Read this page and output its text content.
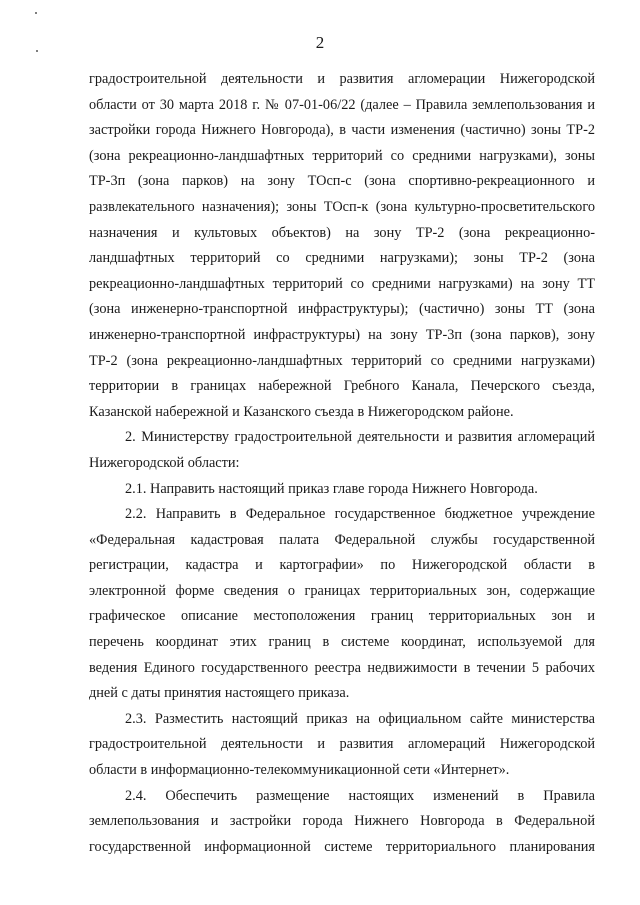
2
градостроительной деятельности и развития агломерации Нижегородской
области от 30 марта 2018 г. № 07-01-06/22 (далее – Правила землепользования и
застройки города Нижнего Новгорода), в части изменения (частично) зоны ТР-2
(зона рекреационно-ландшафтных территорий со средними нагрузками), зоны
ТР-3п (зона парков) на зону ТОсп-с (зона спортивно-рекреационного и
развлекательного назначения); зоны ТОсп-к (зона культурно-просветительского
назначения и культовых объектов) на зону ТР-2 (зона рекреационно-
ландшафтных территорий со средними нагрузками); зоны ТР-2 (зона
рекреационно-ландшафтных территорий со средними нагрузками) на зону ТТ
(зона инженерно-транспортной инфраструктуры); (частично) зоны ТТ (зона
инженерно-транспортной инфраструктуры) на зону ТР-3п (зона парков), зону
ТР-2 (зона рекреационно-ландшафтных территорий со средними нагрузками)
территории в границах набережной Гребного Канала, Печерского съезда,
Казанской набережной и Казанского съезда в Нижегородском районе.
2. Министерству градостроительной деятельности и развития агломераций
Нижегородской области:
2.1. Направить настоящий приказ главе города Нижнего Новгорода.
2.2. Направить в Федеральное государственное бюджетное учреждение
«Федеральная кадастровая палата Федеральной службы государственной
регистрации, кадастра и картографии» по Нижегородской области в
электронной форме сведения о границах территориальных зон, содержащие
графическое описание местоположения границ территориальных зон и
перечень координат этих границ в системе координат, используемой для
ведения Единого государственного реестра недвижимости в течении 5 рабочих
дней с даты принятия настоящего приказа.
2.3. Разместить настоящий приказ на официальном сайте министерства
градостроительной деятельности и развития агломераций Нижегородской
области в информационно-телекоммуникационной сети «Интернет».
2.4. Обеспечить размещение настоящих изменений в Правила
землепользования и застройки города Нижнего Новгорода в Федеральной
государственной информационной системе территориального планирования
